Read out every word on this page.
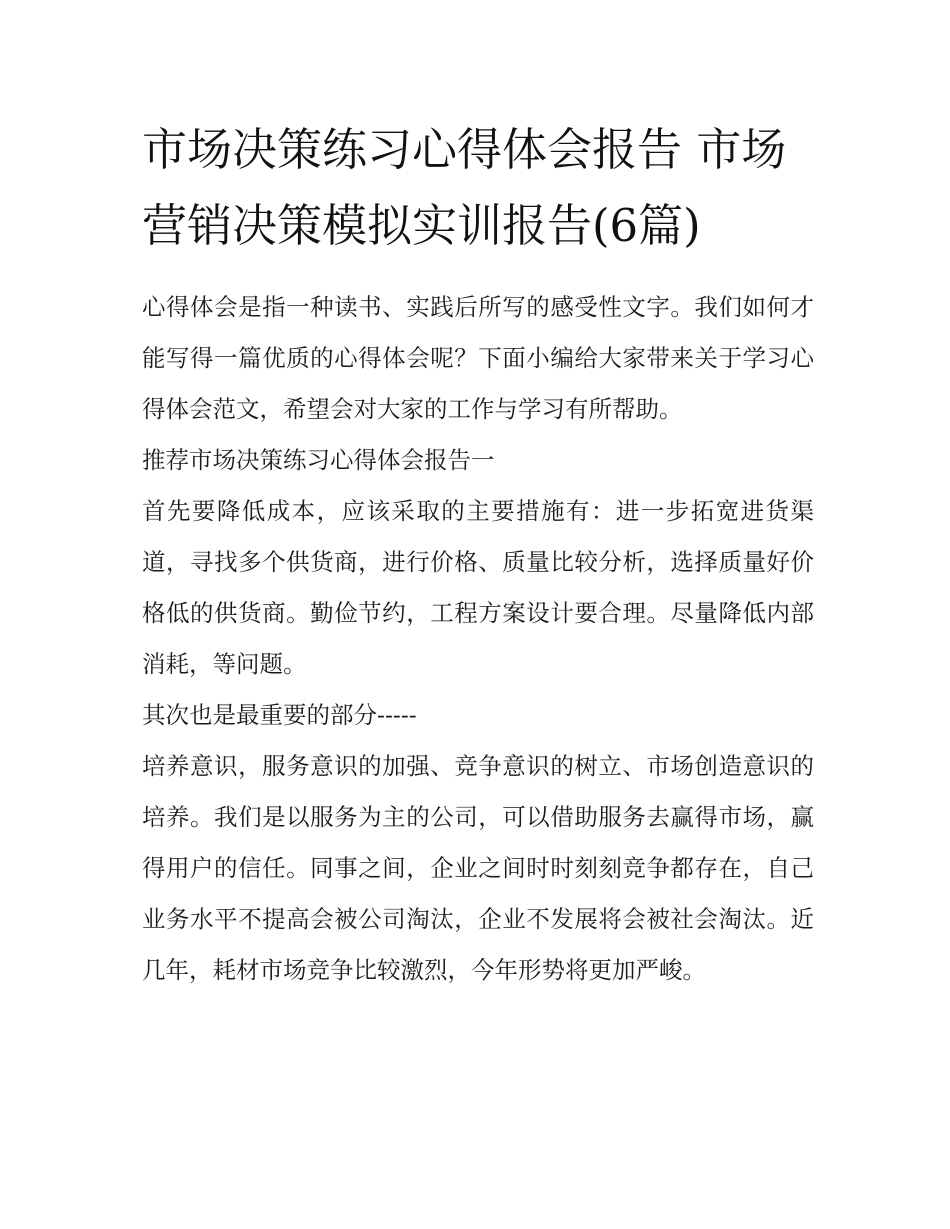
市场决策练习心得体会报告 市场营销决策模拟实训报告(6篇)

心得体会是指一种读书、实践后所写的感受性文字。我们如何才能写得一篇优质的心得体会呢？下面小编给大家带来关于学习心得体会范文，希望会对大家的工作与学习有所帮助。

推荐市场决策练习心得体会报告一

首先要降低成本，应该采取的主要措施有：进一步拓宽进货渠道，寻找多个供货商，进行价格、质量比较分析，选择质量好价格低的供货商。勤俭节约，工程方案设计要合理。尽量降低内部消耗，等问题。

其次也是最重要的部分-----

培养意识，服务意识的加强、竞争意识的树立、市场创造意识的培养。我们是以服务为主的公司，可以借助服务去赢得市场，赢得用户的信任。同事之间，企业之间时时刻刻竞争都存在，自己业务水平不提高会被公司淘汰，企业不发展将会被社会淘汰。近几年，耗材市场竞争比较激烈，今年形势将更加严峻。
